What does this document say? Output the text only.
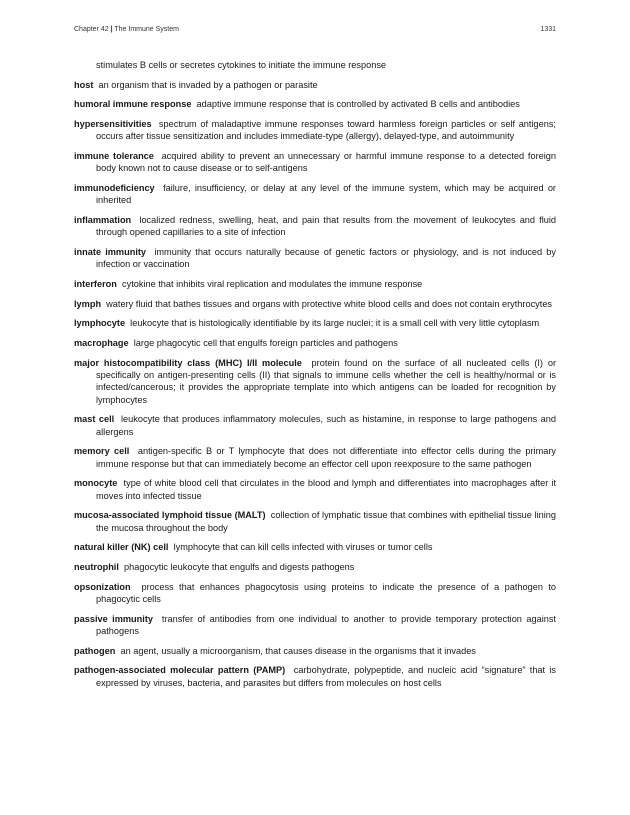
Chapter 42 | The Immune System	1331

stimulates B cells or secretes cytokines to initiate the immune response

host an organism that is invaded by a pathogen or parasite

humoral immune response adaptive immune response that is controlled by activated B cells and antibodies

hypersensitivities spectrum of maladaptive immune responses toward harmless foreign particles or self antigens; occurs after tissue sensitization and includes immediate-type (allergy), delayed-type, and autoimmunity

immune tolerance acquired ability to prevent an unnecessary or harmful immune response to a detected foreign body known not to cause disease or to self-antigens

immunodeficiency failure, insufficiency, or delay at any level of the immune system, which may be acquired or inherited

inflammation localized redness, swelling, heat, and pain that results from the movement of leukocytes and fluid through opened capillaries to a site of infection

innate immunity immunity that occurs naturally because of genetic factors or physiology, and is not induced by infection or vaccination

interferon cytokine that inhibits viral replication and modulates the immune response

lymph watery fluid that bathes tissues and organs with protective white blood cells and does not contain erythrocytes

lymphocyte leukocyte that is histologically identifiable by its large nuclei; it is a small cell with very little cytoplasm

macrophage large phagocytic cell that engulfs foreign particles and pathogens

major histocompatibility class (MHC) I/II molecule protein found on the surface of all nucleated cells (I) or specifically on antigen-presenting cells (II) that signals to immune cells whether the cell is healthy/normal or is infected/cancerous; it provides the appropriate template into which antigens can be loaded for recognition by lymphocytes

mast cell leukocyte that produces inflammatory molecules, such as histamine, in response to large pathogens and allergens

memory cell antigen-specific B or T lymphocyte that does not differentiate into effector cells during the primary immune response but that can immediately become an effector cell upon reexposure to the same pathogen

monocyte type of white blood cell that circulates in the blood and lymph and differentiates into macrophages after it moves into infected tissue

mucosa-associated lymphoid tissue (MALT) collection of lymphatic tissue that combines with epithelial tissue lining the mucosa throughout the body

natural killer (NK) cell lymphocyte that can kill cells infected with viruses or tumor cells

neutrophil phagocytic leukocyte that engulfs and digests pathogens

opsonization process that enhances phagocytosis using proteins to indicate the presence of a pathogen to phagocytic cells

passive immunity transfer of antibodies from one individual to another to provide temporary protection against pathogens

pathogen an agent, usually a microorganism, that causes disease in the organisms that it invades

pathogen-associated molecular pattern (PAMP) carbohydrate, polypeptide, and nucleic acid “signature” that is expressed by viruses, bacteria, and parasites but differs from molecules on host cells
